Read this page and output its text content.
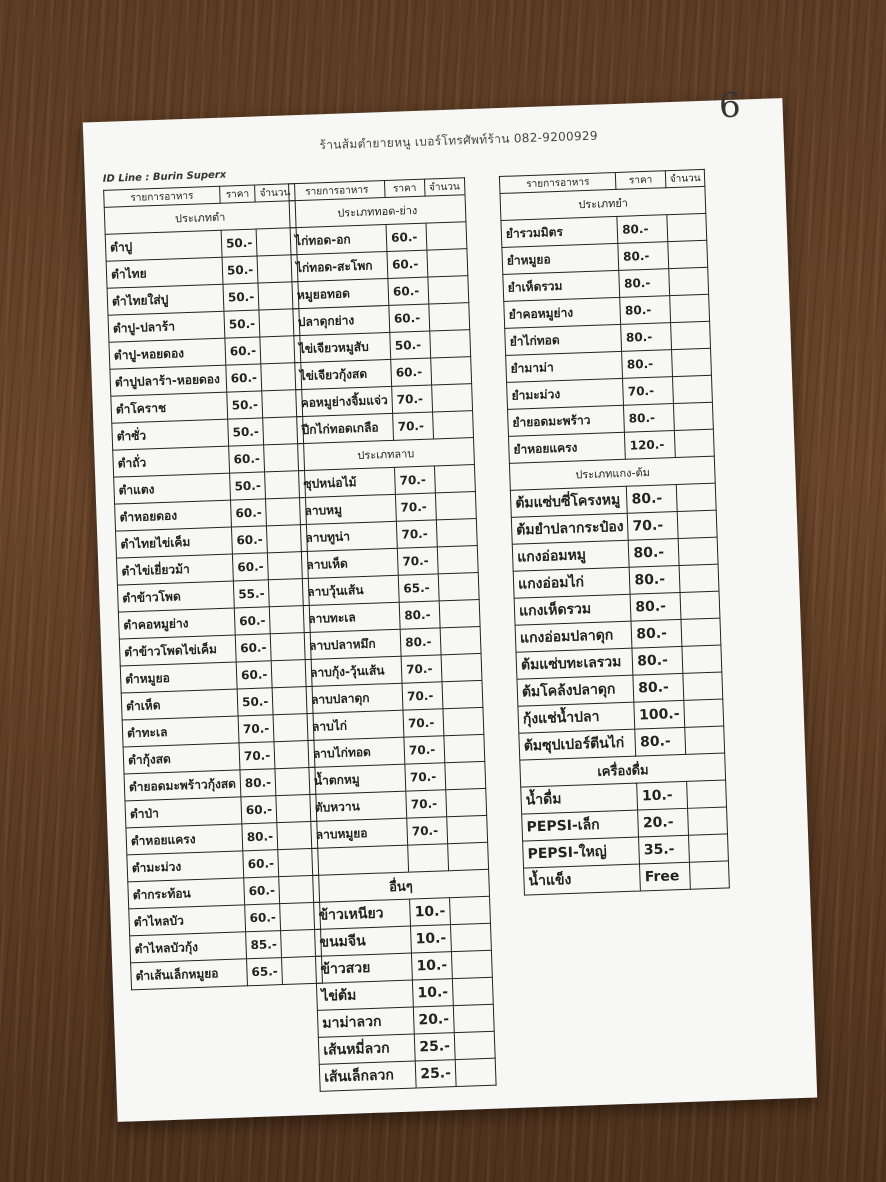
ร้านส้มตำยายหนู เบอร์โทรศัพท์ร้าน 082-9200929
6
ID Line : Burin Superx
รายการอาหาร	ราคา	จำนวน
ประเภทตำ		
ตำปู	50.-	
ตำไทย	50.-	
ตำไทยใส่ปู	50.-	
ตำปู-ปลาร้า	50.-	
ตำปู-หอยดอง	60.-	
ตำปูปลาร้า-หอยดอง	60.-	
ตำโคราช	50.-	
ตำซั่ว	50.-	
ตำถั่ว	60.-	
ตำแตง	50.-	
ตำหอยดอง	60.-	
ตำไทยไข่เค็ม	60.-	
ตำไข่เยี่ยวม้า	60.-	
ตำข้าวโพด	55.-	
ตำคอหมูย่าง	60.-	
ตำข้าวโพดไข่เค็ม	60.-	
ตำหมูยอ	60.-	
ตำเห็ด	50.-	
ตำทะเล	70.-	
ตำกุ้งสด	70.-	
ตำยอดมะพร้าวกุ้งสด	80.-	
ตำป่า	60.-	
ตำหอยแครง	80.-	
ตำมะม่วง	60.-	
ตำกระท้อน	60.-	
ตำไหลบัว	60.-	
ตำไหลบัวกุ้ง	85.-	
ตำเส้นเล็กหมูยอ	65.-	
รายการอาหาร	ราคา	จำนวน
ประเภททอด-ย่าง		
ไก่ทอด-อก	60.-	
ไก่ทอด-สะโพก	60.-	
หมูยอทอด	60.-	
ปลาดุกย่าง	60.-	
ไข่เจียวหมูสับ	50.-	
ไข่เจียวกุ้งสด	60.-	
คอหมูย่างจิ้มแจ่ว	70.-	
ปีกไก่ทอดเกลือ	70.-	
ประเภทลาบ		
ซุปหน่อไม้	70.-	
ลาบหมู	70.-	
ลาบทูน่า	70.-	
ลาบเห็ด	70.-	
ลาบวุ้นเส้น	65.-	
ลาบทะเล	80.-	
ลาบปลาหมึก	80.-	
ลาบกุ้ง-วุ้นเส้น	70.-	
ลาบปลาดุก	70.-	
ลาบไก่	70.-	
ลาบไก่ทอด	70.-	
น้ำตกหมู	70.-	
ตับหวาน	70.-	
ลาบหมูยอ	70.-	

อื่นๆ		
ข้าวเหนียว	10.-	
ขนมจีน	10.-	
ข้าวสวย	10.-	
ไข่ต้ม	10.-	
มาม่าลวก	20.-	
เส้นหมี่ลวก	25.-	
เส้นเล็กลวก	25.-	
รายการอาหาร	ราคา	จำนวน
ประเภทยำ		
ยำรวมมิตร	80.-	
ยำหมูยอ	80.-	
ยำเห็ดรวม	80.-	
ยำคอหมูย่าง	80.-	
ยำไก่ทอด	80.-	
ยำมาม่า	80.-	
ยำมะม่วง	70.-	
ยำยอดมะพร้าว	80.-	
ยำหอยแครง	120.-	
ประเภทแกง-ต้ม		
ต้มแซ่บซี่โครงหมู	80.-	
ต้มยำปลากระป๋อง	70.-	
แกงอ่อมหมู	80.-	
แกงอ่อมไก่	80.-	
แกงเห็ดรวม	80.-	
แกงอ่อมปลาดุก	80.-	
ต้มแซ่บทะเลรวม	80.-	
ต้มโคล้งปลาดุก	80.-	
กุ้งแช่น้ำปลา	100.-	
ต้มซุปเปอร์ตีนไก่	80.-	
เครื่องดื่ม		
น้ำดื่ม	10.-	
PEPSI-เล็ก	20.-	
PEPSI-ใหญ่	35.-	
น้ำแข็ง	Free	
